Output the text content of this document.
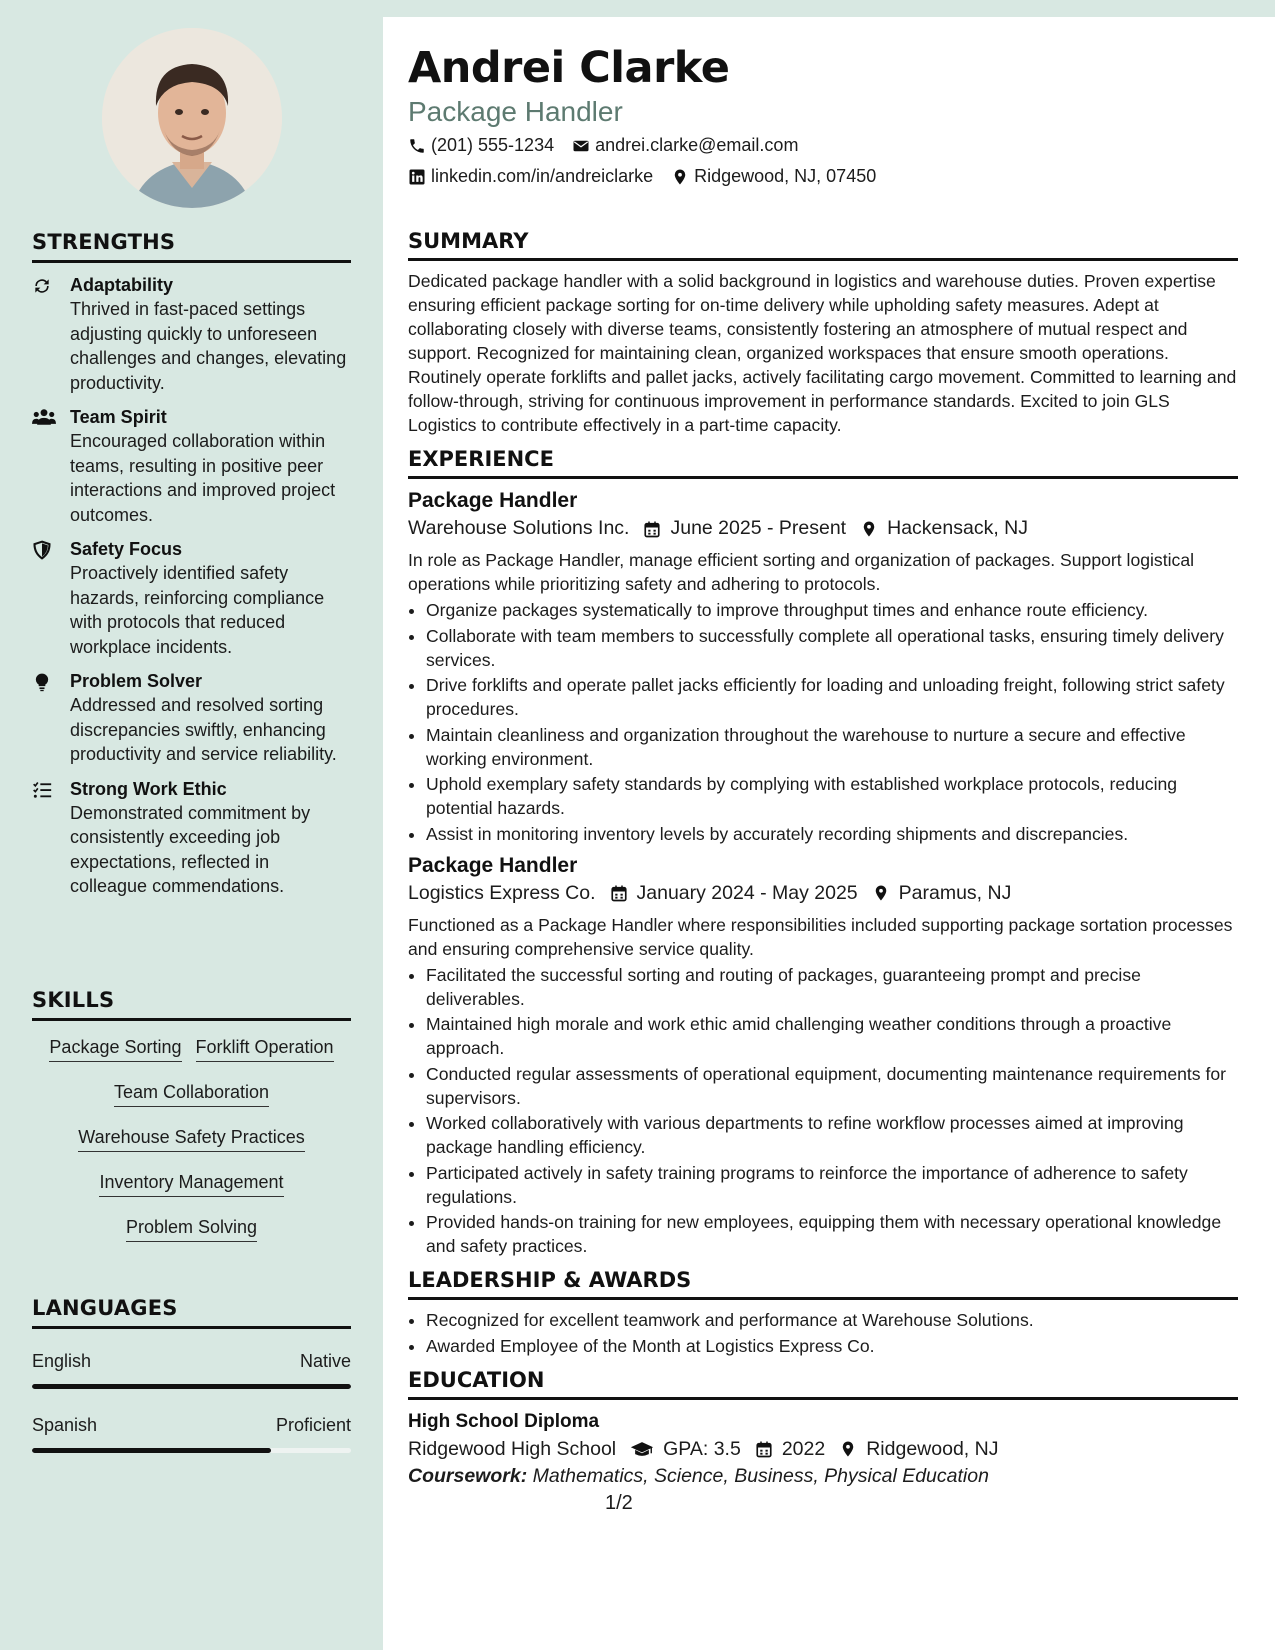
STRENGTHS
Adaptability
Thrived in fast-paced settings adjusting quickly to unforeseen challenges and changes, elevating productivity.
Team Spirit
Encouraged collaboration within teams, resulting in positive peer interactions and improved project outcomes.
Safety Focus
Proactively identified safety hazards, reinforcing compliance with protocols that reduced workplace incidents.
Problem Solver
Addressed and resolved sorting discrepancies swiftly, enhancing productivity and service reliability.
Strong Work Ethic
Demonstrated commitment by consistently exceeding job expectations, reflected in colleague commendations.
SKILLS
Package Sorting Forklift Operation
Team Collaboration
Warehouse Safety Practices
Inventory Management
Problem Solving
LANGUAGES
English	Native
Spanish	Proficient
Andrei Clarke
Package Handler
(201) 555-1234 andrei.clarke@email.com
linkedin.com/in/andreiclarke Ridgewood, NJ, 07450
SUMMARY

Dedicated package handler with a solid background in logistics and warehouse duties. Proven expertise ensuring efficient package sorting for on-time delivery while upholding safety measures. Adept at collaborating closely with diverse teams, consistently fostering an atmosphere of mutual respect and support. Recognized for maintaining clean, organized workspaces that ensure smooth operations. Routinely operate forklifts and pallet jacks, actively facilitating cargo movement. Committed to learning and follow-through, striving for continuous improvement in performance standards. Excited to join GLS Logistics to contribute effectively in a part-time capacity.

EXPERIENCE
Package Handler
Warehouse Solutions Inc. June 2025 - Present Hackensack, NJ

In role as Package Handler, manage efficient sorting and organization of packages. Support logistical operations while prioritizing safety and adhering to protocols.

• Organize packages systematically to improve throughput times and enhance route efficiency.
• Collaborate with team members to successfully complete all operational tasks, ensuring timely delivery services.
• Drive forklifts and operate pallet jacks efficiently for loading and unloading freight, following strict safety procedures.
• Maintain cleanliness and organization throughout the warehouse to nurture a secure and effective working environment.
• Uphold exemplary safety standards by complying with established workplace protocols, reducing potential hazards.
• Assist in monitoring inventory levels by accurately recording shipments and discrepancies.
Package Handler
Logistics Express Co. January 2024 - May 2025 Paramus, NJ

Functioned as a Package Handler where responsibilities included supporting package sortation processes and ensuring comprehensive service quality.

• Facilitated the successful sorting and routing of packages, guaranteeing prompt and precise deliverables.
• Maintained high morale and work ethic amid challenging weather conditions through a proactive approach.
• Conducted regular assessments of operational equipment, documenting maintenance requirements for supervisors.
• Worked collaboratively with various departments to refine workflow processes aimed at improving package handling efficiency.
• Participated actively in safety training programs to reinforce the importance of adherence to safety regulations.
• Provided hands-on training for new employees, equipping them with necessary operational knowledge and safety practices.
LEADERSHIP & AWARDS
• Recognized for excellent teamwork and performance at Warehouse Solutions.
• Awarded Employee of the Month at Logistics Express Co.
EDUCATION
High School Diploma
Ridgewood High School GPA: 3.5 2022 Ridgewood, NJ
Coursework: Mathematics, Science, Business, Physical Education
1/2
